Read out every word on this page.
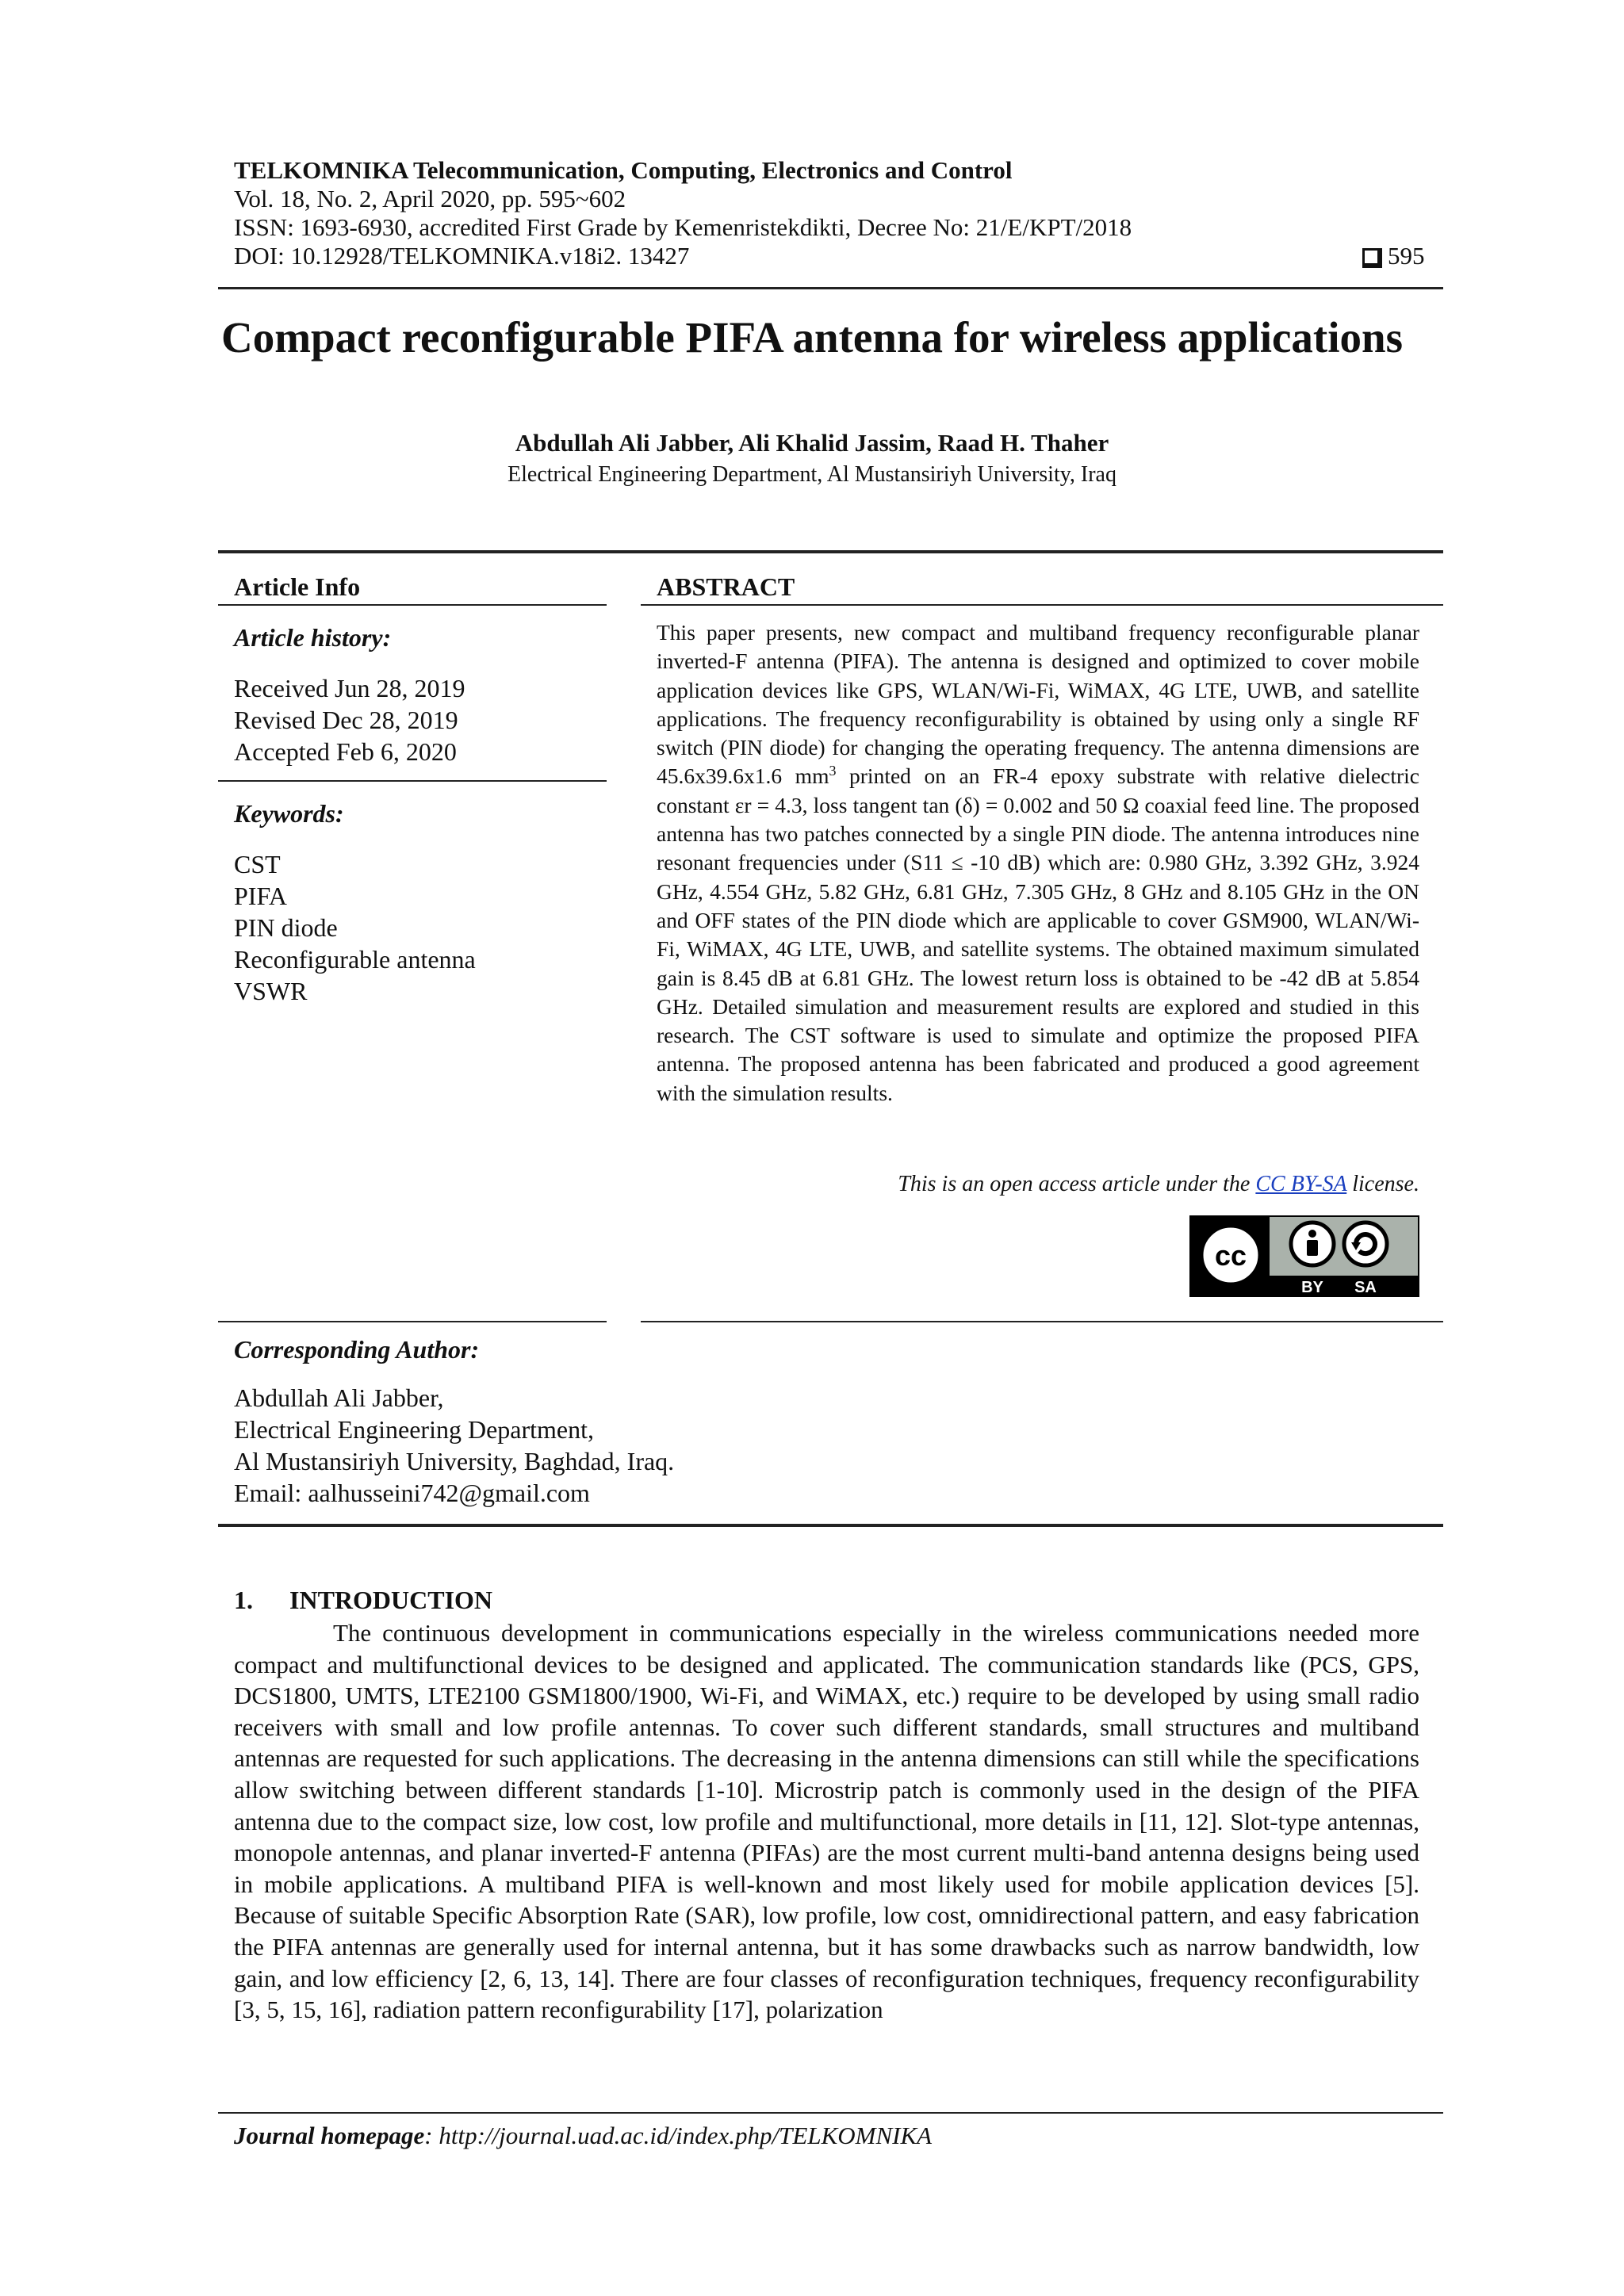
TELKOMNIKA Telecommunication, Computing, Electronics and Control
Vol. 18, No. 2, April 2020, pp. 595~602
ISSN: 1693-6930, accredited First Grade by Kemenristekdikti, Decree No: 21/E/KPT/2018
DOI: 10.12928/TELKOMNIKA.v18i2. 13427	595
Compact reconfigurable PIFA antenna for wireless applications
Abdullah Ali Jabber, Ali Khalid Jassim, Raad H. Thaher
Electrical Engineering Department, Al Mustansiriyh University, Iraq
Article Info
Article history:
Received Jun 28, 2019
Revised Dec 28, 2019
Accepted Feb 6, 2020
Keywords:
CST
PIFA
PIN diode
Reconfigurable antenna
VSWR
ABSTRACT
This paper presents, new compact and multiband frequency reconfigurable planar inverted-F antenna (PIFA). The antenna is designed and optimized to cover mobile application devices like GPS, WLAN/Wi-Fi, WiMAX, 4G LTE, UWB, and satellite applications. The frequency reconfigurability is obtained by using only a single RF switch (PIN diode) for changing the operating frequency. The antenna dimensions are 45.6x39.6x1.6 $mm^3$ printed on an FR-4 epoxy substrate with relative dielectric constant εr = 4.3, loss tangent tan (δ) = 0.002 and 50 Ω coaxial feed line. The proposed antenna has two patches connected by a single PIN diode. The antenna introduces nine resonant frequencies under (S11 ≤ -10 dB) which are: 0.980 GHz, 3.392 GHz, 3.924 GHz, 4.554 GHz, 5.82 GHz, 6.81 GHz, 7.305 GHz, 8 GHz and 8.105 GHz in the ON and OFF states of the PIN diode which are applicable to cover GSM900, WLAN/Wi-Fi, WiMAX, 4G LTE, UWB, and satellite systems. The obtained maximum simulated gain is 8.45 dB at 6.81 GHz. The lowest return loss is obtained to be -42 dB at 5.854 GHz. Detailed simulation and measurement results are explored and studied in this research. The CST software is used to simulate and optimize the proposed PIFA antenna. The proposed antenna has been fabricated and produced a good agreement with the simulation results.
This is an open access article under the CC BY-SA license.
cc
BY SA
Corresponding Author:
Abdullah Ali Jabber,
Electrical Engineering Department,
Al Mustansiriyh University, Baghdad, Iraq.
Email: aalhusseini742@gmail.com
1. INTRODUCTION

The continuous development in communications especially in the wireless communications needed more compact and multifunctional devices to be designed and applicated. The communication standards like (PCS, GPS, DCS1800, UMTS, LTE2100 GSM1800/1900, Wi-Fi, and WiMAX, etc.) require to be developed by using small radio receivers with small and low profile antennas. To cover such different standards, small structures and multiband antennas are requested for such applications. The decreasing in the antenna dimensions can still while the specifications allow switching between different standards [1-10]. Microstrip patch is commonly used in the design of the PIFA antenna due to the compact size, low cost, low profile and multifunctional, more details in [11, 12]. Slot-type antennas, monopole antennas, and planar inverted-F antenna (PIFAs) are the most current multi-band antenna designs being used in mobile applications. A multiband PIFA is well-known and most likely used for mobile application devices [5]. Because of suitable Specific Absorption Rate (SAR), low profile, low cost, omnidirectional pattern, and easy fabrication the PIFA antennas are generally used for internal antenna, but it has some drawbacks such as narrow bandwidth, low gain, and low efficiency [2, 6, 13, 14]. There are four classes of reconfiguration techniques, frequency reconfigurability [3, 5, 15, 16], radiation pattern reconfigurability [17], polarization

Journal homepage: http://journal.uad.ac.id/index.php/TELKOMNIKA
